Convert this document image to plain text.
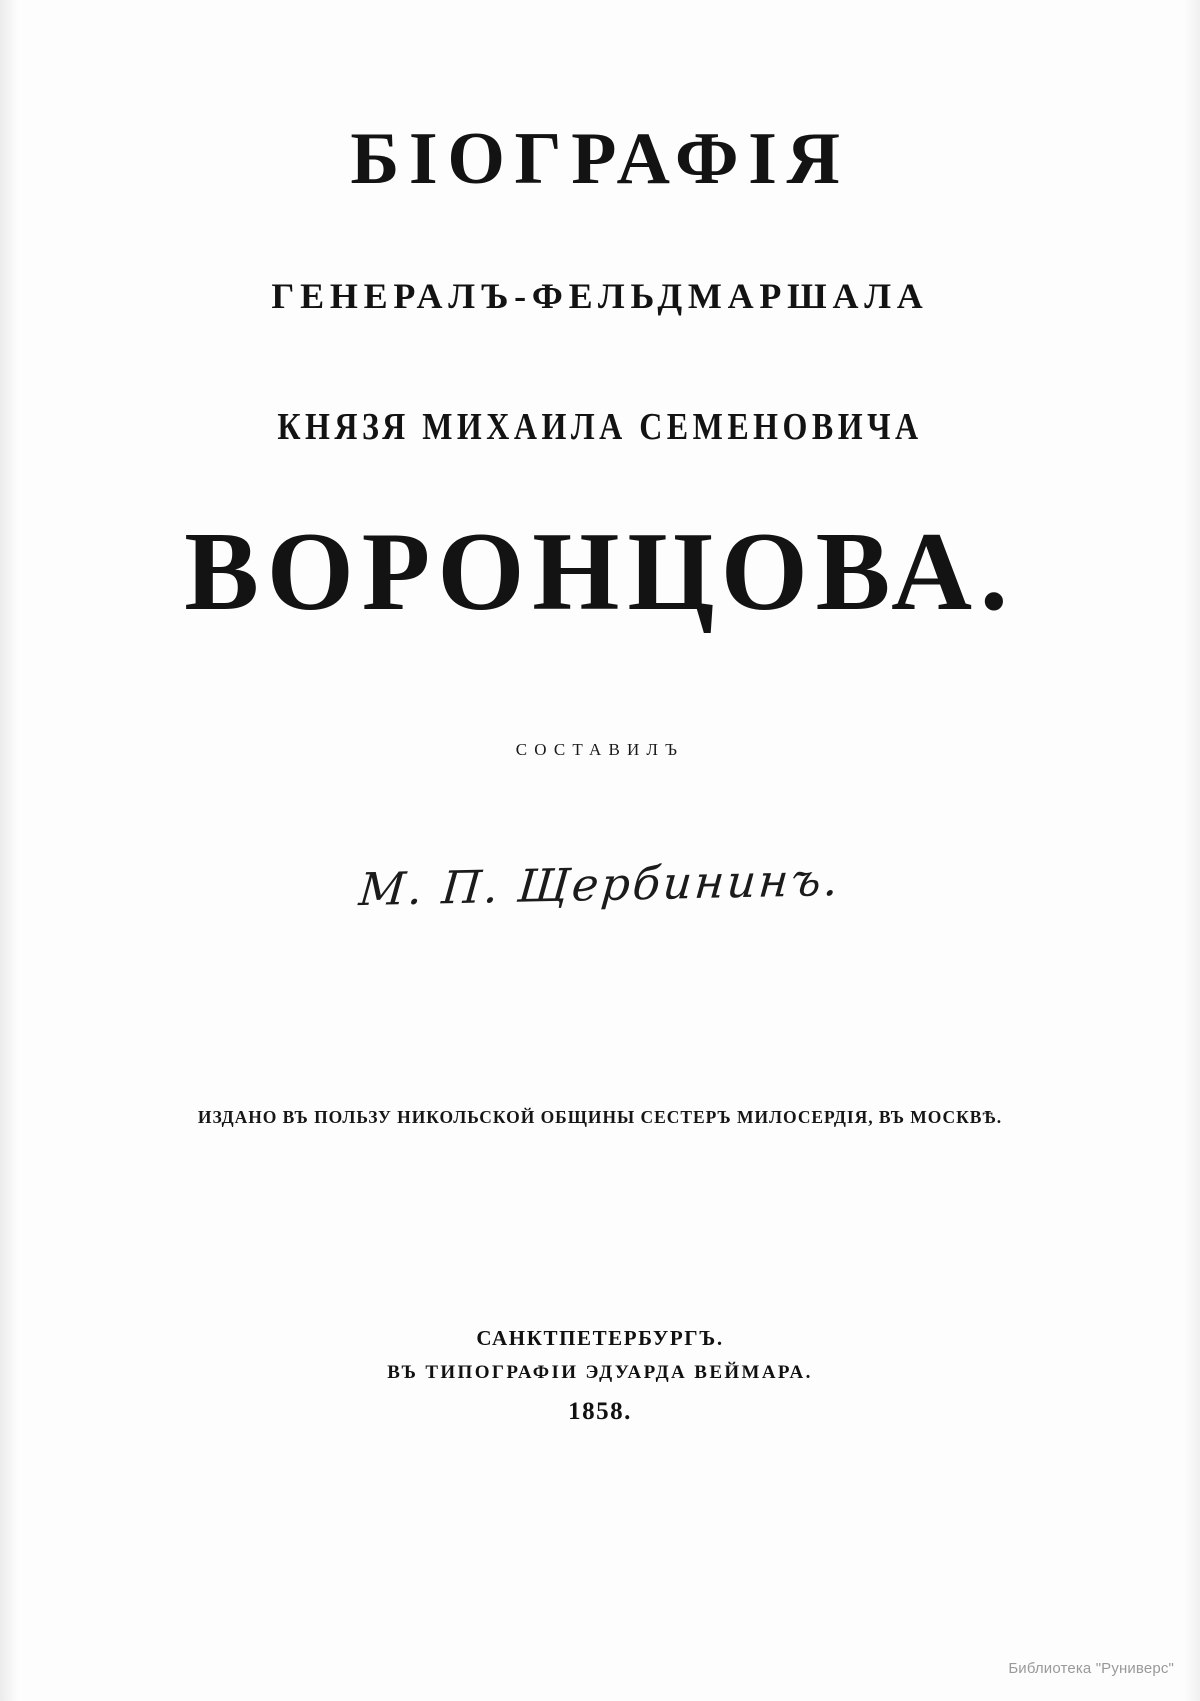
БІОГРАФІЯ
ГЕНЕРАЛЪ-ФЕЛЬДМАРШАЛА
КНЯЗЯ МИХАИЛА СЕМЕНОВИЧА
ВОРОНЦОВА.
СОСТАВИЛЪ
М. П. Щербининъ.
ИЗДАНО ВЪ ПОЛЬЗУ НИКОЛЬСКОЙ ОБЩИНЫ СЕСТЕРЪ МИЛОСЕРДІЯ, ВЪ МОСКВѢ.
САНКТПЕТЕРБУРГЪ.
ВЪ ТИПОГРАФІИ ЭДУАРДА ВЕЙМАРА.
1858.
Библиотека "Руниверс"
